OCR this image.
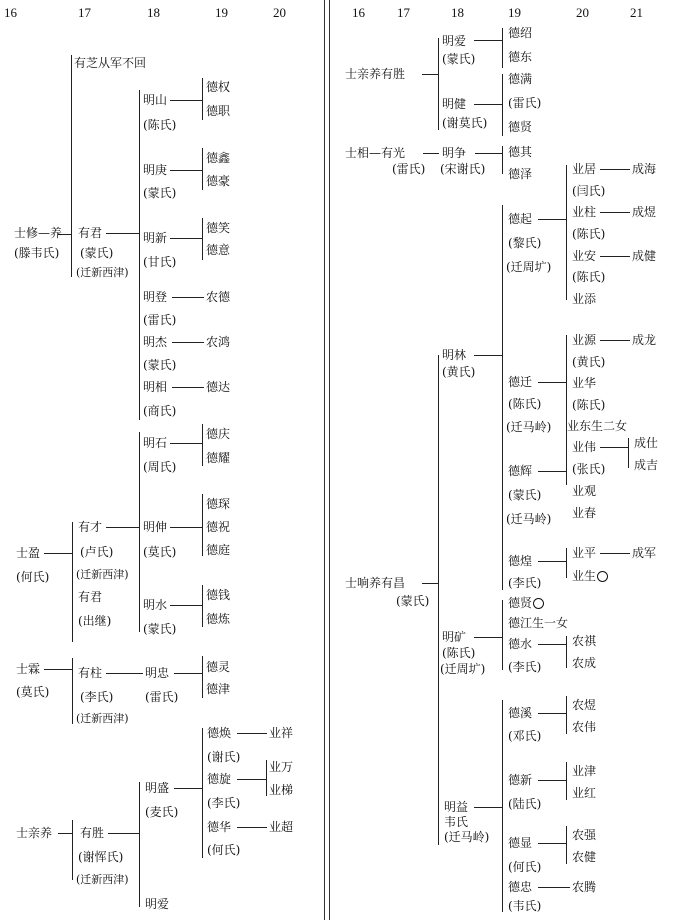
16	17	18	19	20	16 17	18	19	20	21
有芝从军不回
士修—养
(滕韦氏)
有君
(蒙氏)
(迁新西津)
明山
(陈氏)
德权
德职
明庚
(蒙氏)
德鑫
德豪
明新
(甘氏)
德笑
德意
明登	农德
(雷氏)
明杰	农鸿
(蒙氏)
明相	德达
(商氏)
士盈
(何氏)
有才
(卢氏)
(迁新西津)
有君
(出继)
明石
(周氏)
德庆
德耀
明伸
(莫氏)
德琛
德祝
德庭
明水
(蒙氏)
德钱
德炼
士霖
(莫氏)
有柱
(李氏)
(迁新西津)
明忠
(雷氏)
德灵
德津
士亲养 有胜
(谢恽氏)
(迁新西津)
明盛
(麦氏)
明爱
德焕	业祥
(谢氏)
德旋
业万
业梯
(李氏)
德华	业超
(何氏)
士亲养有胜
明爱
(蒙氏)
德绍
德东
明健
(谢莫氏)
德满
(雷氏)
德贤
士相—有光
(雷氏)
明争
(宋谢氏)
德其
德泽
士响养有昌
(蒙氏)
明林
(黄氏)
德起
(黎氏)
(迁周圹)
业居	成海
(闫氏)
业柱	成煜
(陈氏)
业安	成健
(陈氏)
业添
德迁
(陈氏)
(迁马岭)
业源	成龙
(黄氏)
业华
(陈氏)
业东生二女
业伟	成仕
成吉
(张氏)
业观
业春
德辉
(蒙氏)
(迁马岭)
德煌
(李氏)
业平	成军
业生
明矿
(陈氏)
(迁周圹)
德贤
德江生一女
德水
(李氏)
农祺
农成
明益
韦氏
(迁马岭)
德溪
(邓氏)
农煜
农伟
德新
(陆氏)
业津
业红
德显
(何氏)
农强
农健
德忠	农腾
(韦氏)
